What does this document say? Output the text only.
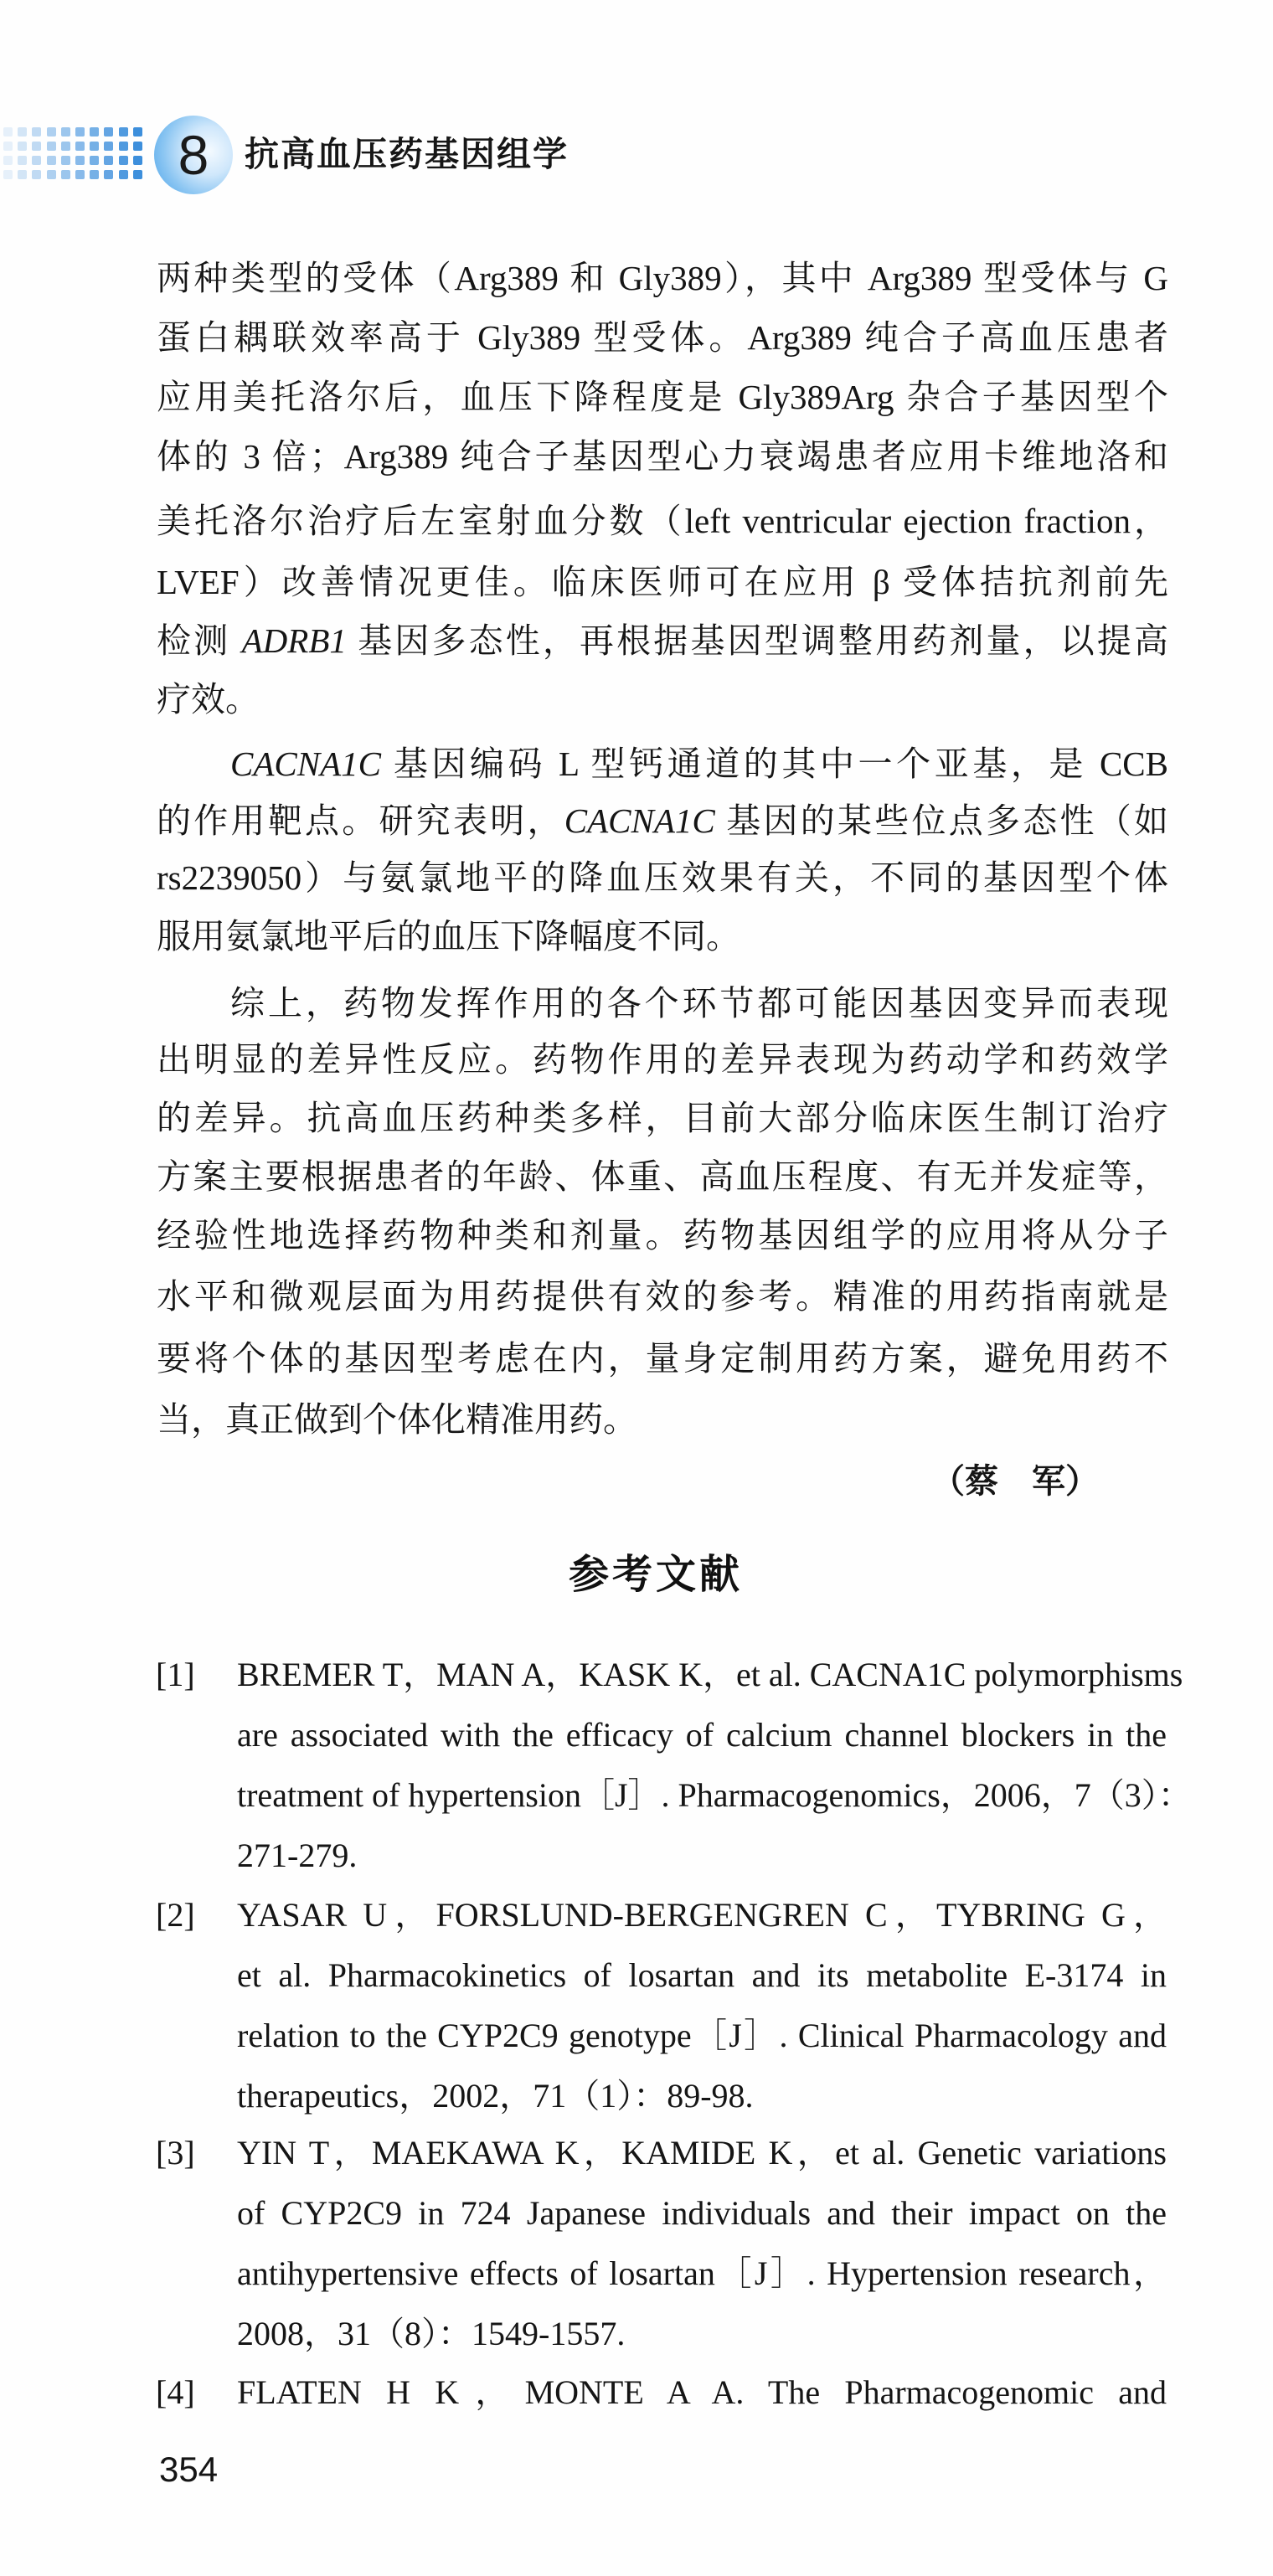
8 抗高血压药基因组学
两种类型的受体（Arg389 和 Gly389），其中 Arg389 型受体与 G
蛋白耦联效率高于 Gly389 型受体。Arg389 纯合子高血压患者
应用美托洛尔后，血压下降程度是 Gly389Arg 杂合子基因型个
体的 3 倍；Arg389 纯合子基因型心力衰竭患者应用卡维地洛和
美托洛尔治疗后左室射血分数（left ventricular ejection fraction，
LVEF）改善情况更佳。临床医师可在应用 β 受体拮抗剂前先
检测 ADRB1 基因多态性，再根据基因型调整用药剂量，以提高
疗效。
CACNA1C 基因编码 L 型钙通道的其中一个亚基，是 CCB
的作用靶点。研究表明，CACNA1C 基因的某些位点多态性（如
rs2239050）与氨氯地平的降血压效果有关，不同的基因型个体
服用氨氯地平后的血压下降幅度不同。
综上，药物发挥作用的各个环节都可能因基因变异而表现
出明显的差异性反应。药物作用的差异表现为药动学和药效学
的差异。抗高血压药种类多样，目前大部分临床医生制订治疗
方案主要根据患者的年龄、体重、高血压程度、有无并发症等，
经验性地选择药物种类和剂量。药物基因组学的应用将从分子
水平和微观层面为用药提供有效的参考。精准的用药指南就是
要将个体的基因型考虑在内，量身定制用药方案，避免用药不
当，真正做到个体化精准用药。
（蔡　军）
参考文献
[1] BREMER T，MAN A，KASK K，et al. CACNA1C polymorphisms
are associated with the efficacy of calcium channel blockers in the
treatment of hypertension［J］. Pharmacogenomics，2006，7（3）：
271-279.
[2] YASAR U，FORSLUND-BERGENGREN C，TYBRING G，
et al. Pharmacokinetics of losartan and its metabolite E-3174 in
relation to the CYP2C9 genotype［J］. Clinical Pharmacology and
therapeutics，2002，71（1）：89-98.
[3] YIN T，MAEKAWA K，KAMIDE K，et al. Genetic variations
of CYP2C9 in 724 Japanese individuals and their impact on the
antihypertensive effects of losartan［J］. Hypertension research，
2008，31（8）：1549-1557.
[4] FLATEN H K，MONTE A A. The Pharmacogenomic and
354
